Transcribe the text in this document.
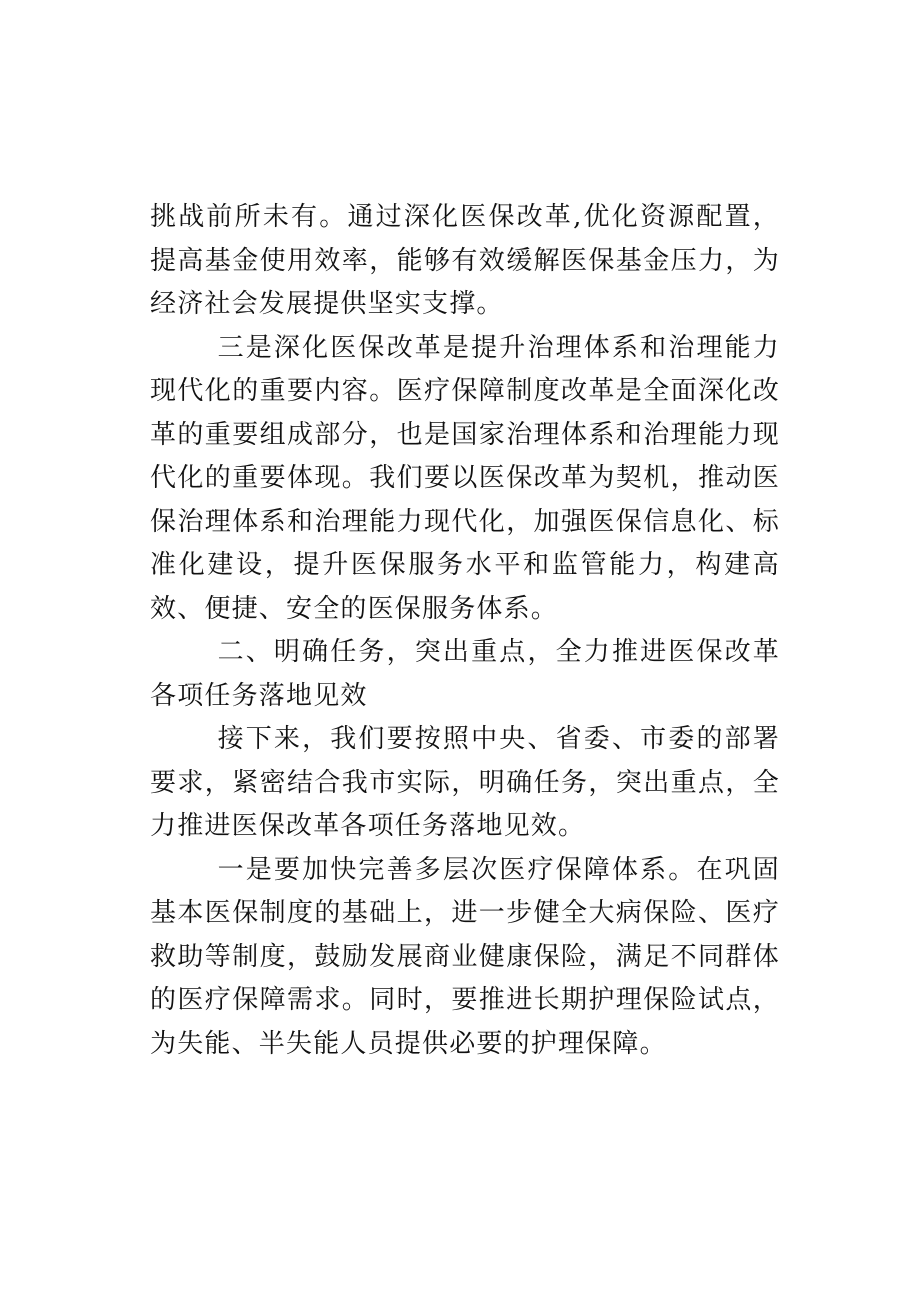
挑战前所未有。通过深化医保改革,优化资源配置，提高基金使用效率，能够有效缓解医保基金压力，为经济社会发展提供坚实支撑。

三是深化医保改革是提升治理体系和治理能力现代化的重要内容。医疗保障制度改革是全面深化改革的重要组成部分，也是国家治理体系和治理能力现代化的重要体现。我们要以医保改革为契机，推动医保治理体系和治理能力现代化，加强医保信息化、标准化建设，提升医保服务水平和监管能力，构建高效、便捷、安全的医保服务体系。

二、明确任务，突出重点，全力推进医保改革各项任务落地见效

接下来，我们要按照中央、省委、市委的部署要求，紧密结合我市实际，明确任务，突出重点，全力推进医保改革各项任务落地见效。

一是要加快完善多层次医疗保障体系。在巩固基本医保制度的基础上，进一步健全大病保险、医疗救助等制度，鼓励发展商业健康保险，满足不同群体的医疗保障需求。同时，要推进长期护理保险试点，为失能、半失能人员提供必要的护理保障。
